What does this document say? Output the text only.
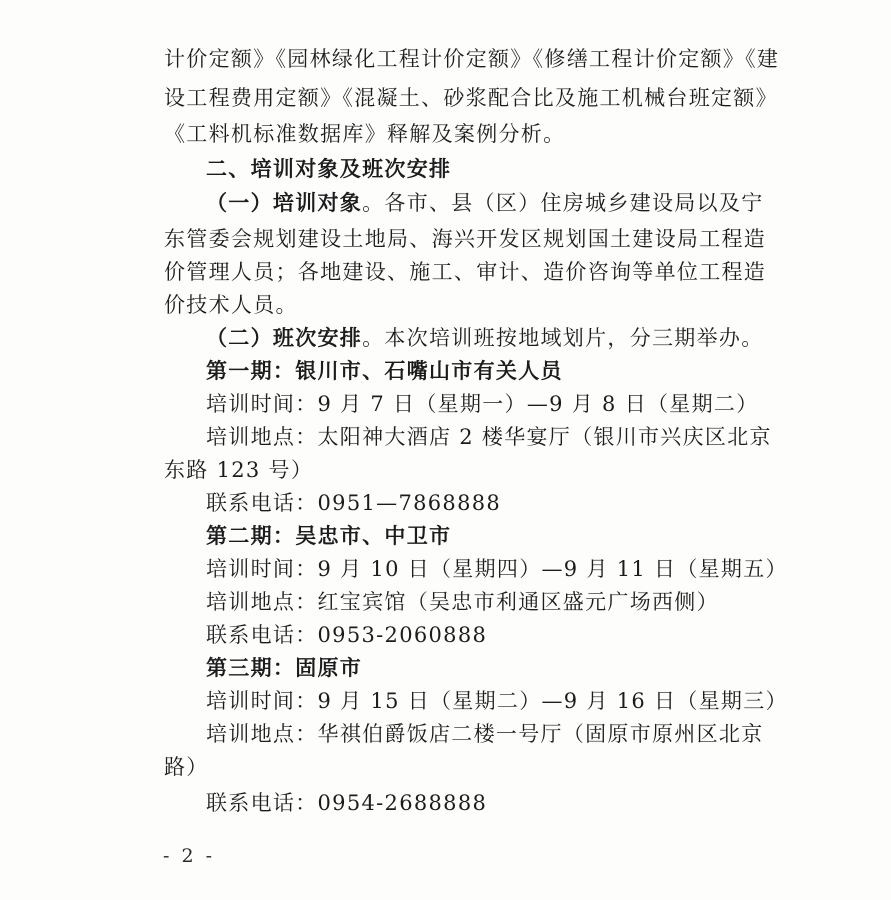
计价定额》《园林绿化工程计价定额》《修缮工程计价定额》《建
设工程费用定额》《混凝土、砂浆配合比及施工机械台班定额》
《工料机标准数据库》释解及案例分析。
二、培训对象及班次安排
（一）培训对象。各市、县（区）住房城乡建设局以及宁
东管委会规划建设土地局、海兴开发区规划国土建设局工程造
价管理人员；各地建设、施工、审计、造价咨询等单位工程造
价技术人员。
（二）班次安排。本次培训班按地域划片，分三期举办。
第一期：银川市、石嘴山市有关人员
培训时间：9 月 7 日（星期一）—9 月 8 日（星期二）
培训地点：太阳神大酒店 2 楼华宴厅（银川市兴庆区北京
东路 123 号）
联系电话：0951—7868888
第二期：吴忠市、中卫市
培训时间：9 月 10 日（星期四）—9 月 11 日（星期五）
培训地点：红宝宾馆（吴忠市利通区盛元广场西侧）
联系电话：0953-2060888
第三期：固原市
培训时间：9 月 15 日（星期二）—9 月 16 日（星期三）
培训地点：华祺伯爵饭店二楼一号厅（固原市原州区北京
路）
联系电话：0954-2688888
- 2 -
